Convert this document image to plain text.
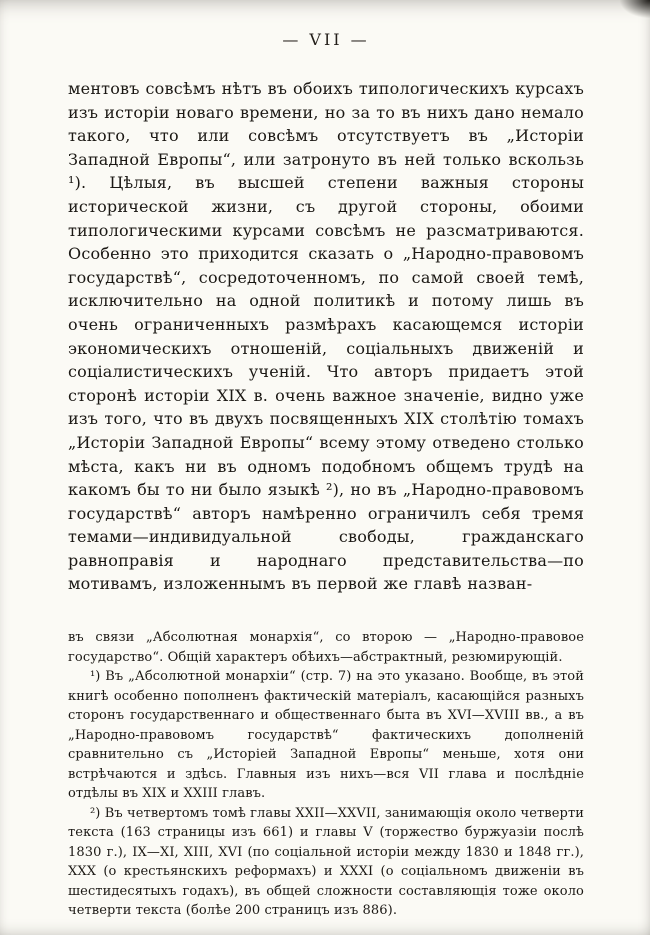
— VII —

ментовъ совсѣмъ нѣтъ въ обоихъ типологическихъ курсахъ изъ исторіи новаго времени, но за то въ нихъ дано немало такого, что или совсѣмъ отсутствуетъ въ „Исторіи Западной Европы“, или затронуто въ ней только вскользь ¹). Цѣлыя, въ высшей степени важныя стороны исторической жизни, съ другой стороны, обоими типологическими курсами совсѣмъ не разсматриваются. Особенно это приходится сказать о „Народно-правовомъ государствѣ“, сосредоточенномъ, по самой своей темѣ, исключительно на одной политикѣ и потому лишь въ очень ограниченныхъ размѣрахъ касающемся исторіи экономическихъ отношеній, соціальныхъ движеній и соціалистическихъ ученій. Что авторъ придаетъ этой сторонѣ исторіи XIX в. очень важное значеніе, видно уже изъ того, что въ двухъ посвященныхъ XIX столѣтію томахъ „Исторіи Западной Европы“ всему этому отведено столько мѣста, какъ ни въ одномъ подобномъ общемъ трудѣ на какомъ бы то ни было языкѣ ²), но въ „Народно-правовомъ государствѣ“ авторъ намѣренно ограничилъ себя тремя темами—индивидуальной свободы, гражданскаго равноправія и народнаго представительства—по мотивамъ, изложеннымъ въ первой же главѣ назван-

въ связи „Абсолютная монархія“, со второю — „Народно-правовое государство“. Общій характеръ обѣихъ—абстрактный, резюмирующій.

¹) Въ „Абсолютной монархіи“ (стр. 7) на это указано. Вообще, въ этой книгѣ особенно пополненъ фактическій матеріалъ, касающійся разныхъ сторонъ государственнаго и общественнаго быта въ XVI—XVIII вв., а въ „Народно-правовомъ государствѣ“ фактическихъ дополненій сравнительно съ „Исторіей Западной Европы“ меньше, хотя они встрѣчаются и здѣсь. Главныя изъ нихъ—вся VII глава и послѣдніе отдѣлы въ XIX и XXIII главъ.

²) Въ четвертомъ томѣ главы XXII—XXVII, занимающія около четверти текста (163 страницы изъ 661) и главы V (торжество буржуазіи послѣ 1830 г.), IX—XI, XIII, XVI (по соціальной исторіи между 1830 и 1848 гг.), XXX (о крестьянскихъ реформахъ) и XXXI (о соціальномъ движеніи въ шестидесятыхъ годахъ), въ общей сложности составляющія тоже около четверти текста (болѣе 200 страницъ изъ 886).
